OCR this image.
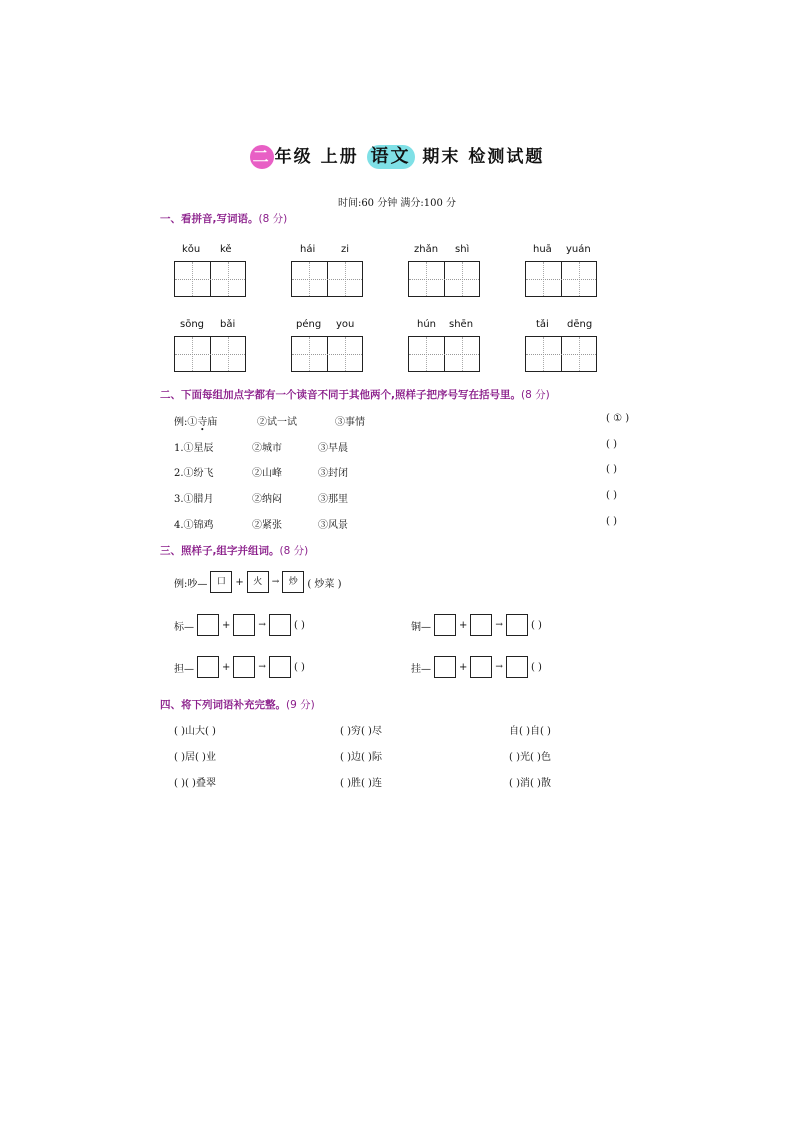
二 年级 上册 语文 期末 检测试题
时间:60 分钟 满分:100 分
一、看拼音,写词语。(8 分)
kǒu kě	hái	zi	zhǎn shì	huā yuán
sōng bǎi	péng you	hún shēn	tǎi dēng
二、下面每组加点字都有一个读音不同于其他两个,照样子把序号写在括号里。(8 分)
例:①寺庙 •	②试一试	③事情	( ① )
1.①星辰	②城市	③早晨	( )
2.①纷飞	②山峰	③封闭	( )
3.①腊月	②纳闷	③那里	( )
4.①锦鸡	②紧张	③风景	( )
三、照样子,组字并组词。(8 分)
例:吵—	口 +	火	→	炒 ( 炒菜 )
标—	+	→	( )	铜—	+	→	( )
担—	+	→	( )	挂—	+	→	( )
四、将下列词语补充完整。(9 分)
( )山大( )	( )穷( )尽	自( )自( )
( )居( )业	( )边( )际	( )光( )色
( )( )叠翠	( )胜( )连	( )消( )散
